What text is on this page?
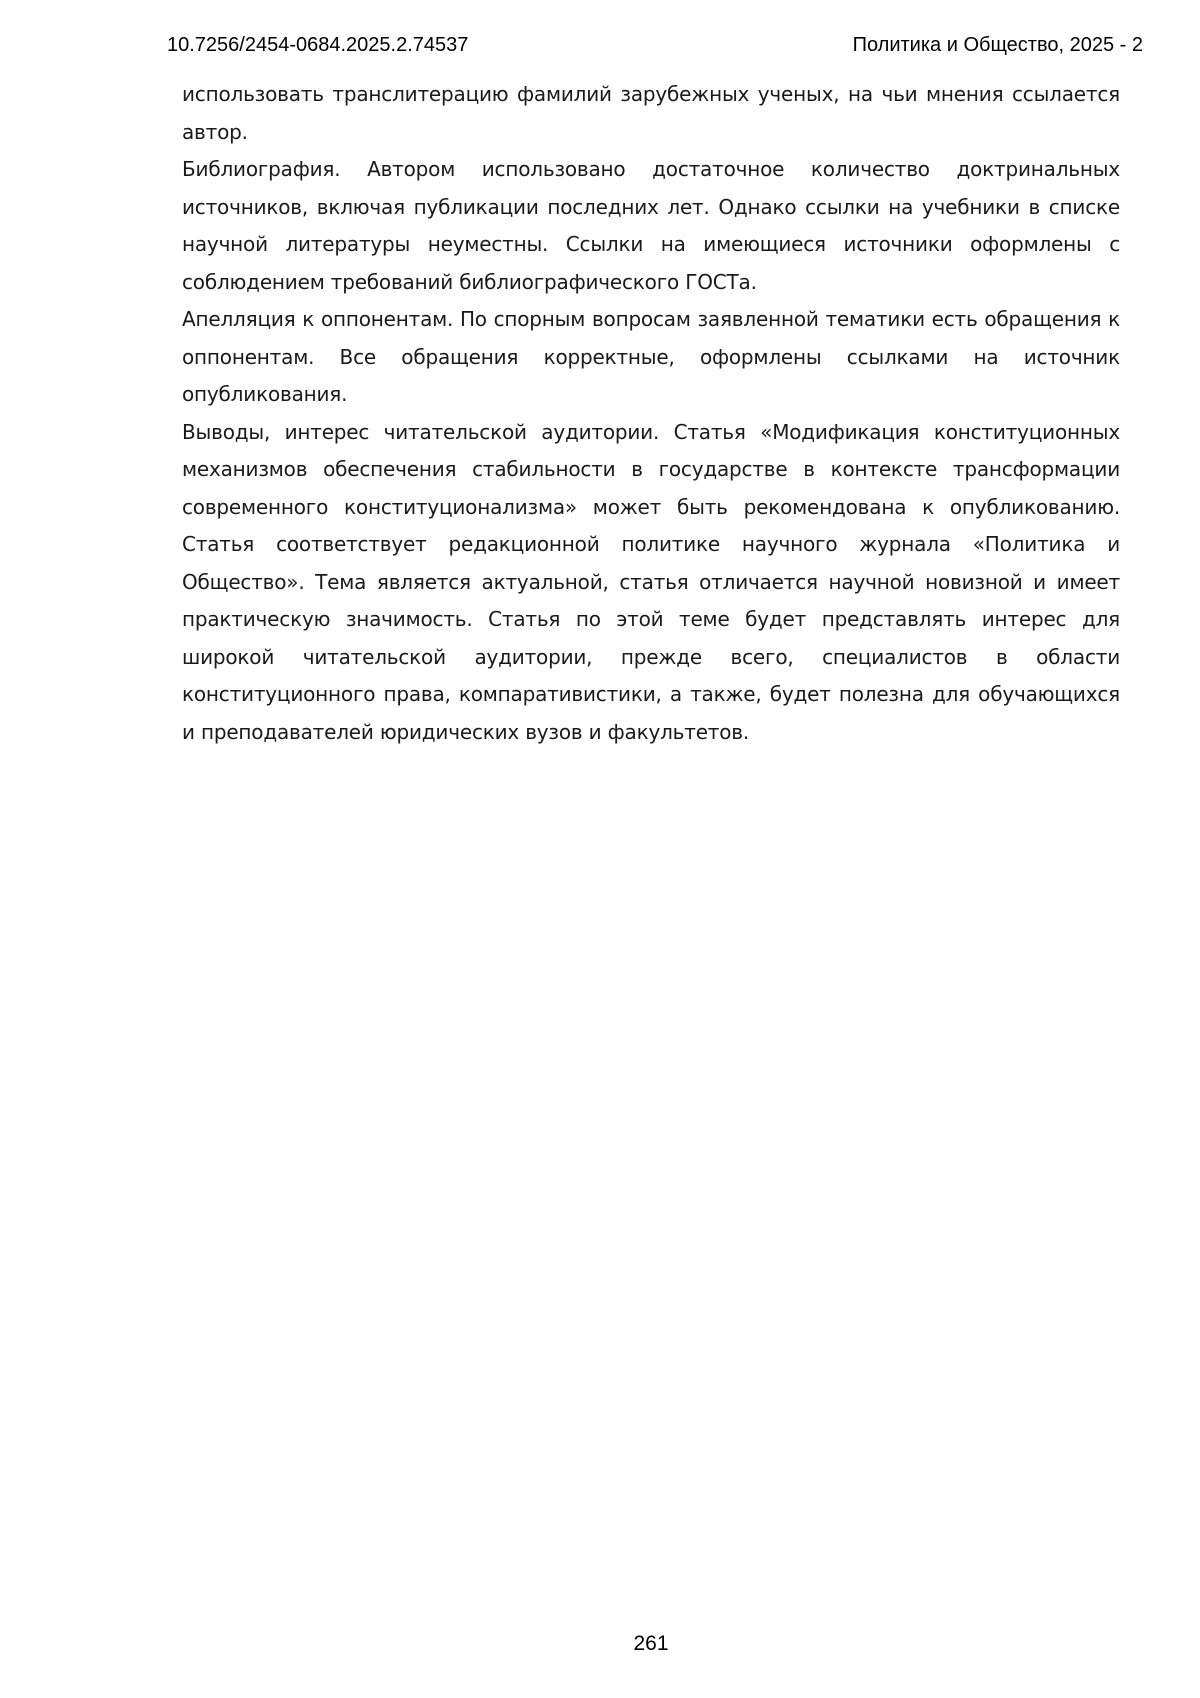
10.7256/2454-0684.2025.2.74537	Политика и Общество, 2025 - 2

использовать транслитерацию фамилий зарубежных ученых, на чьи мнения ссылается автор.

Библиография. Автором использовано достаточное количество доктринальных источников, включая публикации последних лет. Однако ссылки на учебники в списке научной литературы неуместны. Ссылки на имеющиеся источники оформлены с соблюдением требований библиографического ГОСТа.

Апелляция к оппонентам. По спорным вопросам заявленной тематики есть обращения к оппонентам. Все обращения корректные, оформлены ссылками на источник опубликования.

Выводы, интерес читательской аудитории. Статья «Модификация конституционных механизмов обеспечения стабильности в государстве в контексте трансформации современного конституционализма» может быть рекомендована к опубликованию. Статья соответствует редакционной политике научного журнала «Политика и Общество». Тема является актуальной, статья отличается научной новизной и имеет практическую значимость. Статья по этой теме будет представлять интерес для широкой читательской аудитории, прежде всего, специалистов в области конституционного права, компаративистики, а также, будет полезна для обучающихся и преподавателей юридических вузов и факультетов.

261
